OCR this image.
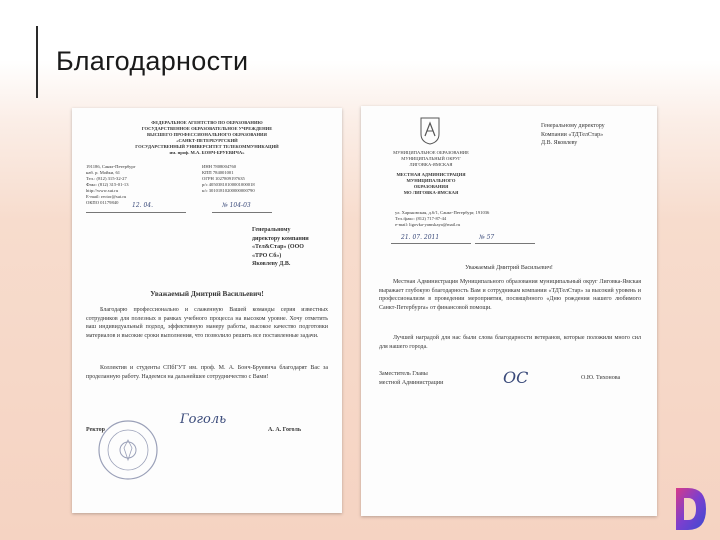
Благодарности
ФЕДЕРАЛЬНОЕ АГЕНТСТВО ПО ОБРАЗОВАНИЮ
ГОСУДАРСТВЕННОЕ ОБРАЗОВАТЕЛЬНОЕ УЧРЕЖДЕНИЕ
ВЫСШЕГО ПРОФЕССИОНАЛЬНОГО ОБРАЗОВАНИЯ
«САНКТ-ПЕТЕРБУРГСКИЙ
ГОСУДАРСТВЕННЫЙ УНИВЕРСИТЕТ ТЕЛЕКОММУНИКАЦИЙ
им. проф. М.А. БОНЧ-БРУЕВИЧА»
191186, Санкт-Петербург
наб. р. Мойки, 61
Тел.: (812) 315-32-27
Факс: (812) 315-01-13
http://www.sut.ru
E-mail: rector@sut.ru
ОКПО 01179840
ИНН 7808004760
КПП 784001001
ОГРН 1027809197635
р/с 40503810100001000018
к/с 30101810200000000790
12. 04.	№ 104-03
Генеральному
директору компании
«Тел&Стар» (ООО
«ТРО Сб»)
Яковлеву Д.В.
Уважаемый Дмитрий Васильевич!
Благодарю профессионально и слаженную Вашей команды серия известных сотрудников для полезных в рамках учебного процесса на высоком уровне. Хочу отметить ваш индивидуальный подход, эффективную манеру работы, высокое качество подготовки материалов и высокие сроки выполнения, что позволило решить все поставленные задачи.
Коллектив и студенты СПбГУТ им. проф. М. А. Бонч-Бруевича благодарят Вас за проделанную работу. Надеемся на дальнейшее сотрудничество с Вами!
Ректор	А. А. Гоголь
Гоголь
Генеральному директору
Компании «ТДТелСтар»
Д.В. Яковлеву
МУНИЦИПАЛЬНОЕ ОБРАЗОВАНИЕ
МУНИЦИПАЛЬНЫЙ ОКРУГ
ЛИГОВКА-ЯМСКАЯ
МЕСТНАЯ АДМИНИСТРАЦИЯ
МУНИЦИПАЛЬНОГО
ОБРАЗОВАНИЯ
МО ЛИГОВКА-ЯМСКАЯ
ул. Харьковская, д.6/1, Санкт-Петербург, 191036
Тел./факс: (812) 717-87-44
e-mail: ligovka-yamskaya@mail.ru
21. 07. 2011	№ 57
Уважаемый Дмитрий Васильевич!
Местная Администрация Муниципального образования муниципальный округ Лиговка-Ямская выражает глубокую благодарность Вам и сотрудникам компании «ТДТелСтар» за высокий уровень и профессионализм в проведении мероприятия, посвящённого «Дню рождения нашего любимого Санкт-Петербурга» от финансовой помощи.
Лучшей наградой для нас были слова благодарности ветеранов, которые положили много сил для нашего города.
Заместитель Главы
местной Администрации	ОС	О.Ю. Тихонова
